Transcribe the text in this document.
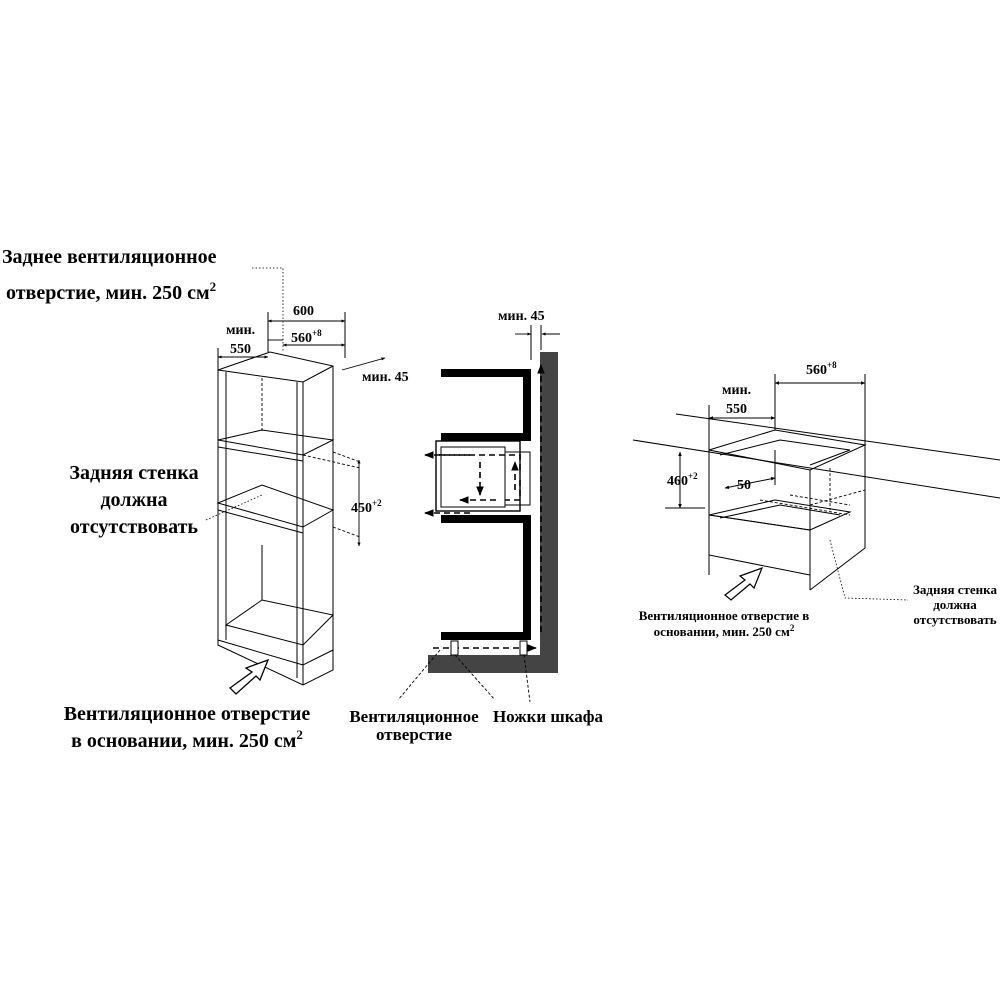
Заднее вентиляционное
отверстие, мин. 250 $см^2$
600
мин.
550
$560^{+8}$
мин. 45
$450^{+2}$
Задняя стенка
должна
отсутствовать
Вентиляционное отверстие
в основании, мин. 250 $см^2$
мин. 45
Вентиляционное
отверстие
Ножки шкафа
мин.
550
$560^{+8}$
$460^{+2}$
50
Вентиляционное отверстие в
основании, мин. 250 $см^2$
Задняя стенка
должна
отсутствовать
